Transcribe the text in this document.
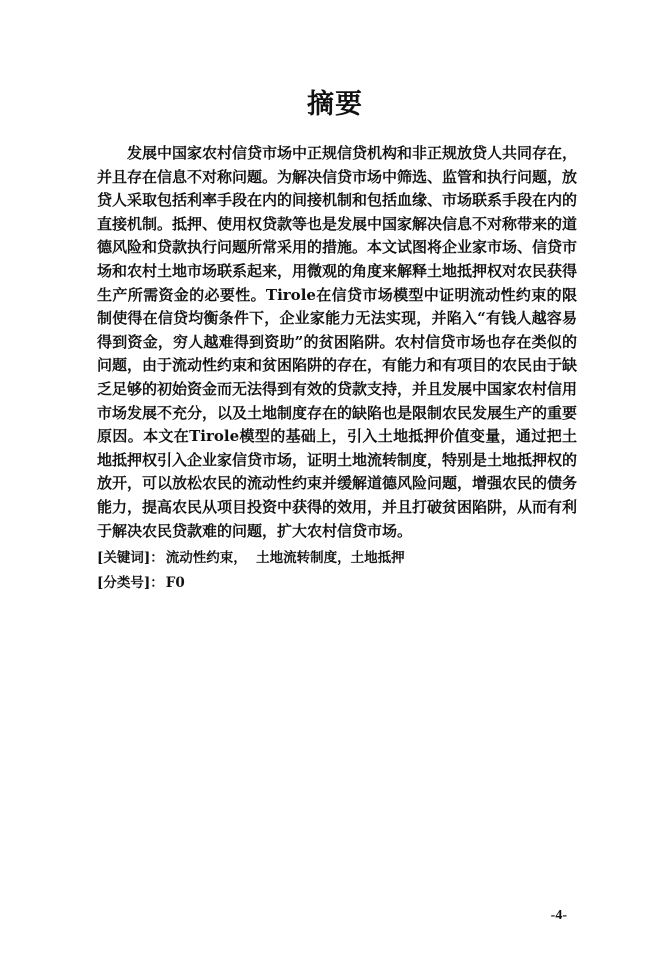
摘要

发展中国家农村信贷市场中正规信贷机构和非正规放贷人共同存在，并且存在信息不对称问题。为解决信贷市场中筛选、监管和执行问题，放贷人采取包括利率手段在内的间接机制和包括血缘、市场联系手段在内的直接机制。抵押、使用权贷款等也是发展中国家解决信息不对称带来的道德风险和贷款执行问题所常采用的措施。本文试图将企业家市场、信贷市场和农村土地市场联系起来，用微观的角度来解释土地抵押权对农民获得生产所需资金的必要性。Tirole在信贷市场模型中证明流动性约束的限制使得在信贷均衡条件下，企业家能力无法实现，并陷入“有钱人越容易得到资金，穷人越难得到资助”的贫困陷阱。农村信贷市场也存在类似的问题，由于流动性约束和贫困陷阱的存在，有能力和有项目的农民由于缺乏足够的初始资金而无法得到有效的贷款支持，并且发展中国家农村信用市场发展不充分，以及土地制度存在的缺陷也是限制农民发展生产的重要原因。本文在Tirole模型的基础上，引入土地抵押价值变量，通过把土地抵押权引入企业家信贷市场，证明土地流转制度，特别是土地抵押权的放开，可以放松农民的流动性约束并缓解道德风险问题，增强农民的债务能力，提高农民从项目投资中获得的效用，并且打破贫困陷阱，从而有利于解决农民贷款难的问题，扩大农村信贷市场。

[关键词]： 流动性约束，  土地流转制度，土地抵押
[分类号]： F0
-4-
